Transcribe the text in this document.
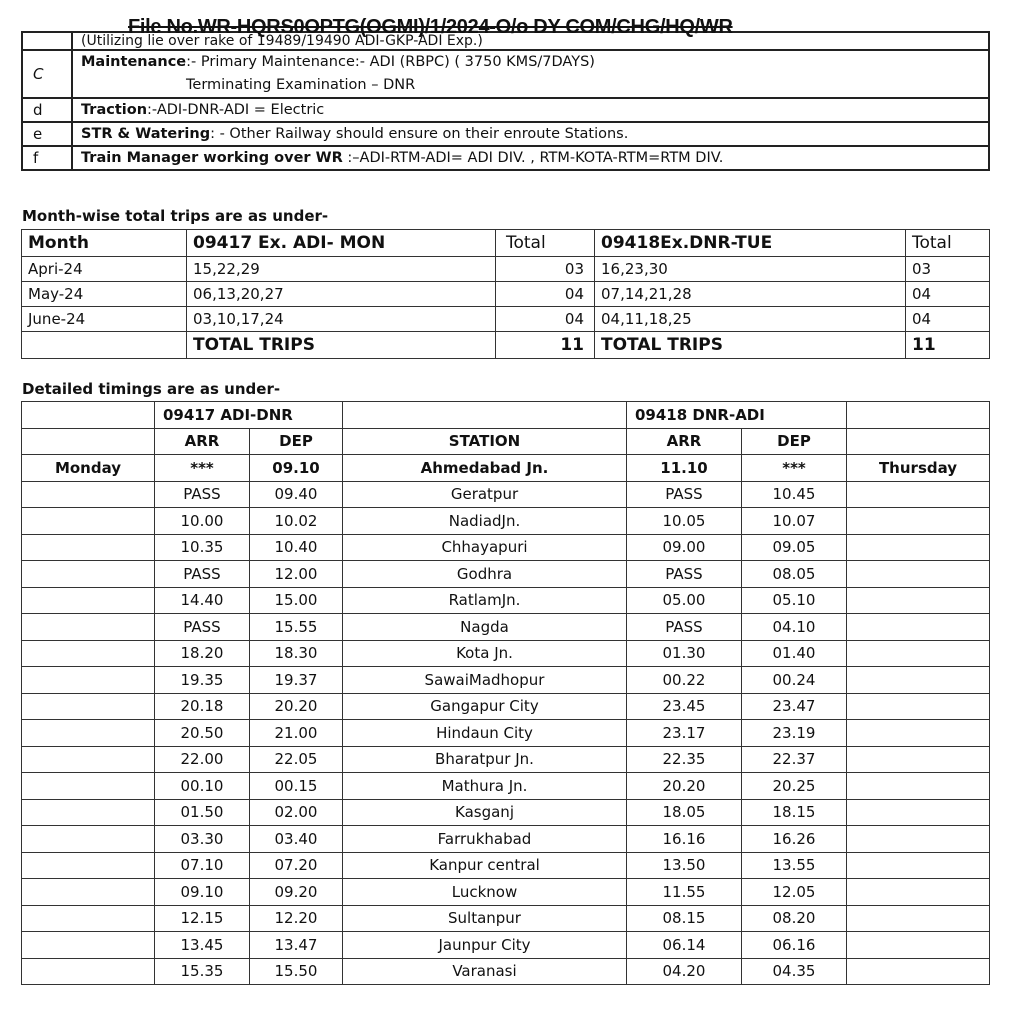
File No.WR-HQRS0OPTG(OGMI)/1/2024-O/o DY COM/CHG/HQ/WR
	(Utilizing lie over rake of 19489/19490 ADI-GKP-ADI Exp.)
C	Maintenance:- Primary Maintenance:- ADI (RBPC) ( 3750 KMS/7DAYS)
Terminating Examination – DNR
d	Traction:-ADI-DNR-ADI = Electric
e	STR & Watering: - Other Railway should ensure on their enroute Stations.
f	Train Manager working over WR :–ADI-RTM-ADI= ADI DIV. , RTM-KOTA-RTM=RTM DIV.
Month-wise total trips are as under-
Month	09417 Ex. ADI- MON	Total	09418Ex.DNR-TUE	Total
Apri-24	15,22,29	03	16,23,30	03
May-24	06,13,20,27	04	07,14,21,28	04
June-24	03,10,17,24	04	04,11,18,25	04
	TOTAL TRIPS	11	TOTAL TRIPS	11
Detailed timings are as under-
	09417 ADI-DNR			09418 DNR-ADI		
	ARR	DEP	STATION	ARR	DEP	
Monday	***	09.10	Ahmedabad Jn.	11.10	***	Thursday
	PASS	09.40	Geratpur	PASS	10.45	
	10.00	10.02	NadiadJn.	10.05	10.07	
	10.35	10.40	Chhayapuri	09.00	09.05	
	PASS	12.00	Godhra	PASS	08.05	
	14.40	15.00	RatlamJn.	05.00	05.10	
	PASS	15.55	Nagda	PASS	04.10	
	18.20	18.30	Kota Jn.	01.30	01.40	
	19.35	19.37	SawaiMadhopur	00.22	00.24	
	20.18	20.20	Gangapur City	23.45	23.47	
	20.50	21.00	Hindaun City	23.17	23.19	
	22.00	22.05	Bharatpur Jn.	22.35	22.37	
	00.10	00.15	Mathura Jn.	20.20	20.25	
	01.50	02.00	Kasganj	18.05	18.15	
	03.30	03.40	Farrukhabad	16.16	16.26	
	07.10	07.20	Kanpur central	13.50	13.55	
	09.10	09.20	Lucknow	11.55	12.05	
	12.15	12.20	Sultanpur	08.15	08.20	
	13.45	13.47	Jaunpur City	06.14	06.16	
	15.35	15.50	Varanasi	04.20	04.35	
